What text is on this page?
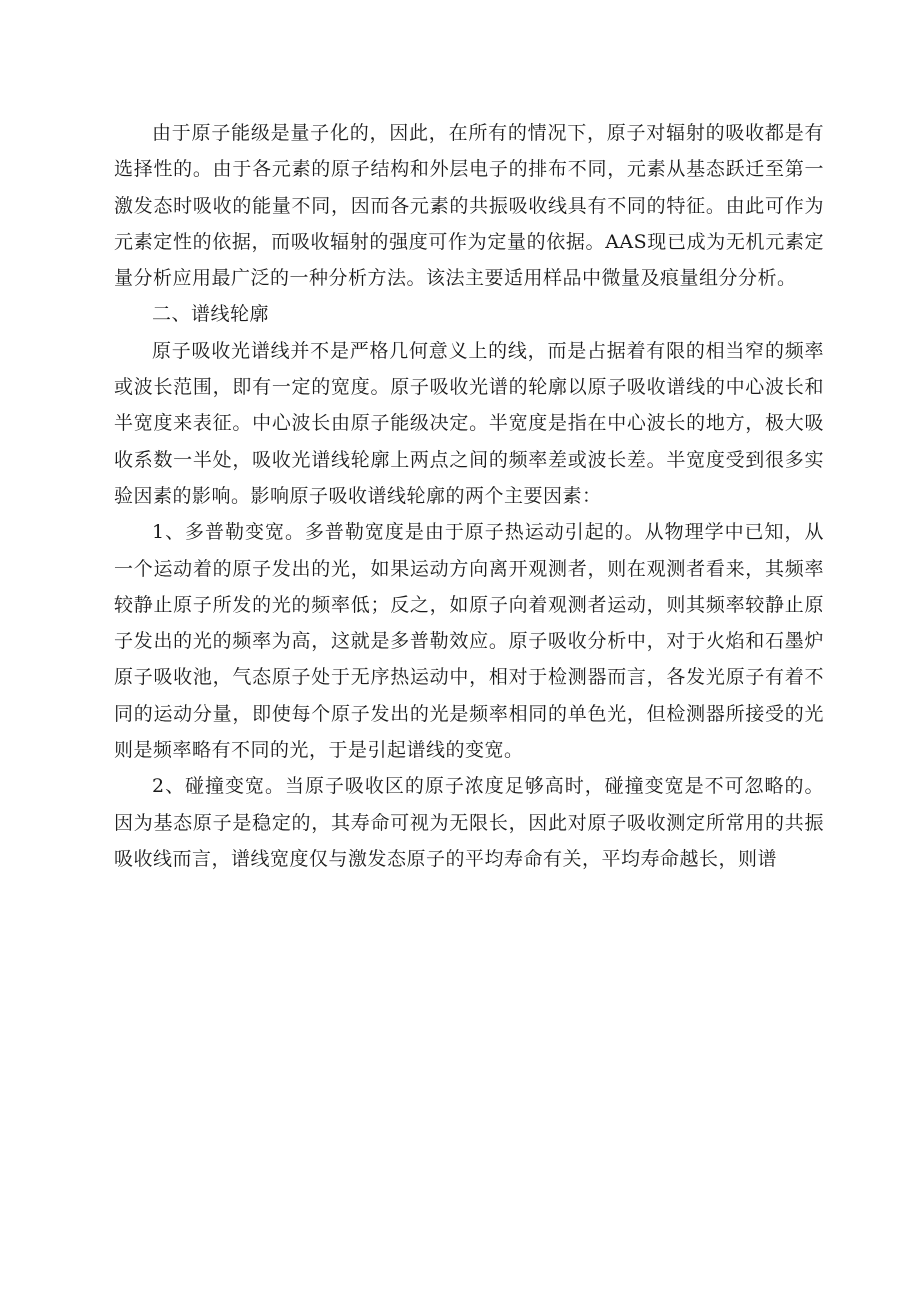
由于原子能级是量子化的，因此，在所有的情况下，原子对辐射的吸收都是有选择性的。由于各元素的原子结构和外层电子的排布不同，元素从基态跃迁至第一激发态时吸收的能量不同，因而各元素的共振吸收线具有不同的特征。由此可作为元素定性的依据，而吸收辐射的强度可作为定量的依据。AAS现已成为无机元素定量分析应用最广泛的一种分析方法。该法主要适用样品中微量及痕量组分分析。

二、谱线轮廓

原子吸收光谱线并不是严格几何意义上的线，而是占据着有限的相当窄的频率或波长范围，即有一定的宽度。原子吸收光谱的轮廓以原子吸收谱线的中心波长和半宽度来表征。中心波长由原子能级决定。半宽度是指在中心波长的地方，极大吸收系数一半处，吸收光谱线轮廓上两点之间的频率差或波长差。半宽度受到很多实验因素的影响。影响原子吸收谱线轮廓的两个主要因素：

1、多普勒变宽。多普勒宽度是由于原子热运动引起的。从物理学中已知，从一个运动着的原子发出的光，如果运动方向离开观测者，则在观测者看来，其频率较静止原子所发的光的频率低；反之，如原子向着观测者运动，则其频率较静止原子发出的光的频率为高，这就是多普勒效应。原子吸收分析中，对于火焰和石墨炉原子吸收池，气态原子处于无序热运动中，相对于检测器而言，各发光原子有着不同的运动分量，即使每个原子发出的光是频率相同的单色光，但检测器所接受的光则是频率略有不同的光，于是引起谱线的变宽。

2、碰撞变宽。当原子吸收区的原子浓度足够高时，碰撞变宽是不可忽略的。因为基态原子是稳定的，其寿命可视为无限长，因此对原子吸收测定所常用的共振吸收线而言，谱线宽度仅与激发态原子的平均寿命有关，平均寿命越长，则谱
